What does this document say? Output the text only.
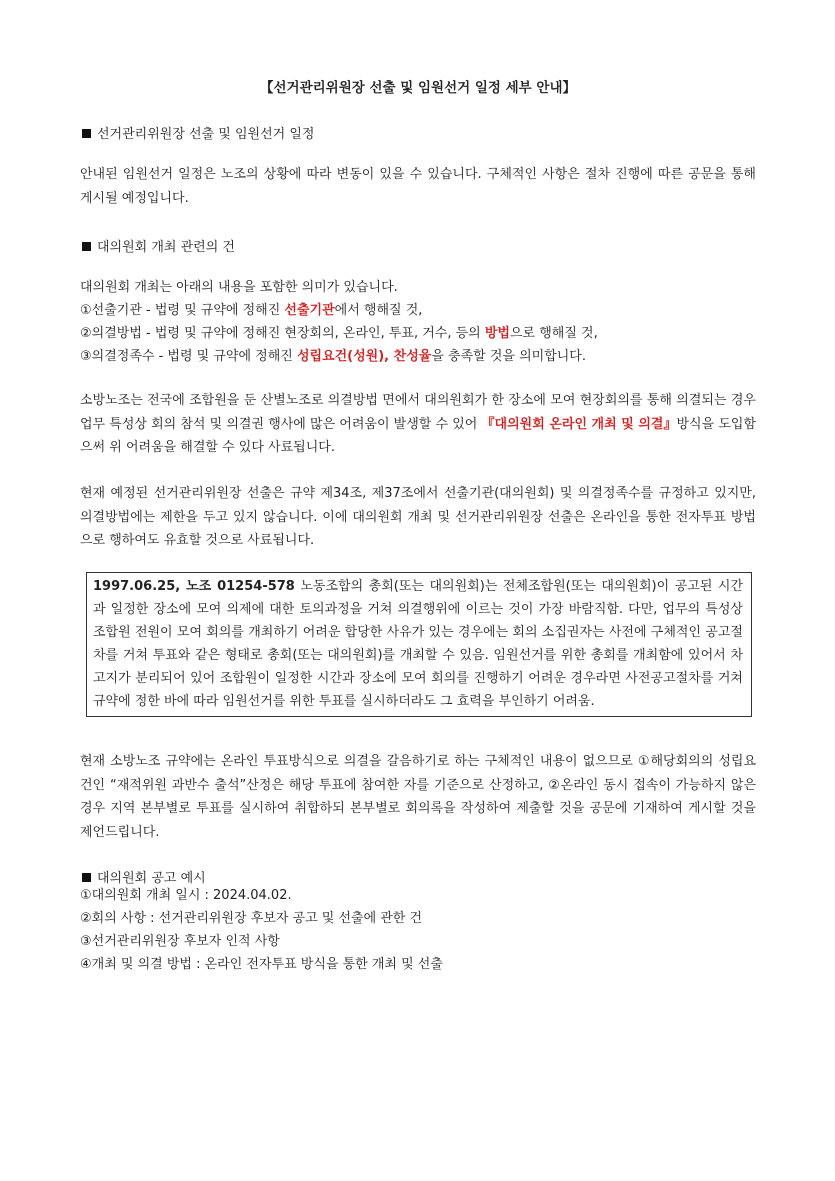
【선거관리위원장 선출 및 임원선거 일정 세부 안내】
선거관리위원장 선출 및 임원선거 일정
안내된 임원선거 일정은 노조의 상황에 따라 변동이 있을 수 있습니다. 구체적인 사항은 절차 진행에 따른 공문을 통해 게시될 예정입니다.
대의원회 개최 관련의 건
대의원회 개최는 아래의 내용을 포함한 의미가 있습니다.
①선출기관 - 법령 및 규약에 정해진 선출기관에서 행해질 것,
②의결방법 - 법령 및 규약에 정해진 현장회의, 온라인, 투표, 거수, 등의 방법으로 행해질 것,
③의결정족수 - 법령 및 규약에 정해진 성립요건(성원), 찬성율을 충족할 것을 의미합니다.
소방노조는 전국에 조합원을 둔 산별노조로 의결방법 면에서 대의원회가 한 장소에 모여 현장회의를 통해 의결되는 경우 업무 특성상 회의 참석 및 의결권 행사에 많은 어려움이 발생할 수 있어 『대의원회 온라인 개최 및 의결』방식을 도입함으써 위 어려움을 해결할 수 있다 사료됩니다.
현재 예정된 선거관리위원장 선출은 규약 제34조, 제37조에서 선출기관(대의원회) 및 의결정족수를 규정하고 있지만, 의결방법에는 제한을 두고 있지 않습니다. 이에 대의원회 개최 및 선거관리위원장 선출은 온라인을 통한 전자투표 방법으로 행하여도 유효할 것으로 사료됩니다.
1997.06.25, 노조 01254-578 노동조합의 총회(또는 대의원회)는 전체조합원(또는 대의원회)이 공고된 시간과 일정한 장소에 모여 의제에 대한 토의과정을 거쳐 의결행위에 이르는 것이 가장 바람직함. 다만, 업무의 특성상 조합원 전원이 모여 회의를 개최하기 어려운 합당한 사유가 있는 경우에는 회의 소집권자는 사전에 구체적인 공고절차를 거쳐 투표와 같은 형태로 총회(또는 대의원회)를 개최할 수 있음. 임원선거를 위한 총회를 개최함에 있어서 차고지가 분리되어 있어 조합원이 일정한 시간과 장소에 모여 회의를 진행하기 어려운 경우라면 사전공고절차를 거쳐 규약에 정한 바에 따라 임원선거를 위한 투표를 실시하더라도 그 효력을 부인하기 어려움.
현재 소방노조 규약에는 온라인 투표방식으로 의결을 갈음하기로 하는 구체적인 내용이 없으므로 ①해당회의의 성립요건인 “재적위원 과반수 출석”산정은 해당 투표에 참여한 자를 기준으로 산정하고, ②온라인 동시 접속이 가능하지 않은 경우 지역 본부별로 투표를 실시하여 취합하되 본부별로 회의록을 작성하여 제출할 것을 공문에 기재하여 게시할 것을 제언드립니다.
대의원회 공고 예시
①대의원회 개최 일시 : 2024.04.02.
②회의 사항 : 선거관리위원장 후보자 공고 및 선출에 관한 건
③선거관리위원장 후보자 인적 사항
④개최 및 의결 방법 : 온라인 전자투표 방식을 통한 개최 및 선출
